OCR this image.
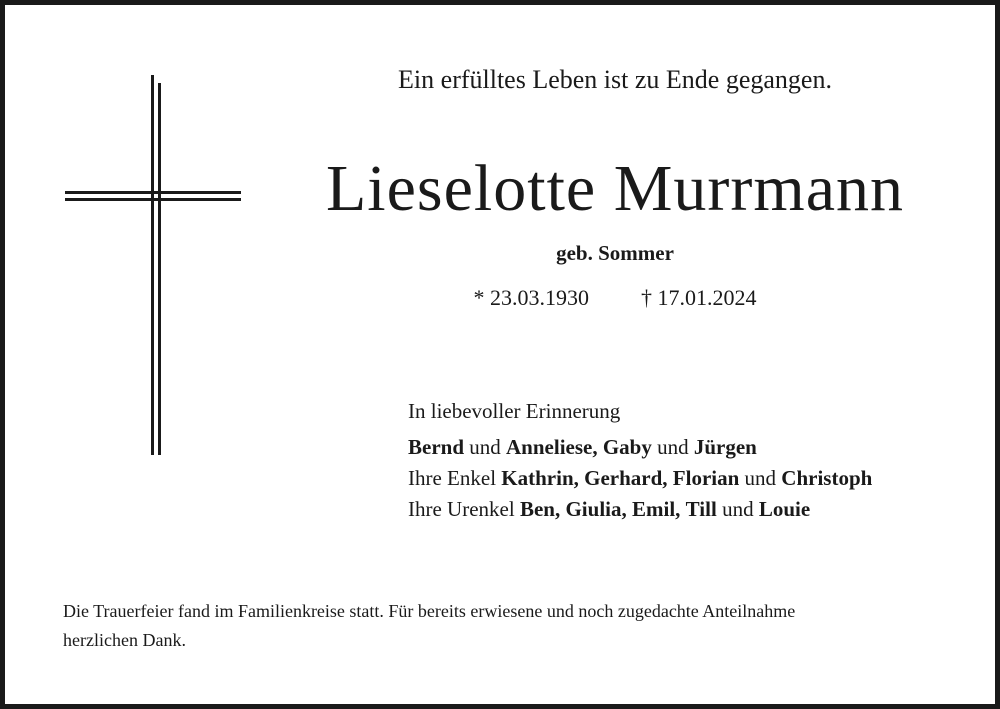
Ein erfülltes Leben ist zu Ende gegangen.
Lieselotte Murrmann
geb. Sommer
* 23.03.1930 † 17.01.2024
In liebevoller Erinnerung
Bernd und Anneliese, Gaby und Jürgen
Ihre Enkel Kathrin, Gerhard, Florian und Christoph
Ihre Urenkel Ben, Giulia, Emil, Till und Louie
Die Trauerfeier fand im Familienkreise statt. Für bereits erwiesene und noch zugedachte Anteilnahme
herzlichen Dank.
